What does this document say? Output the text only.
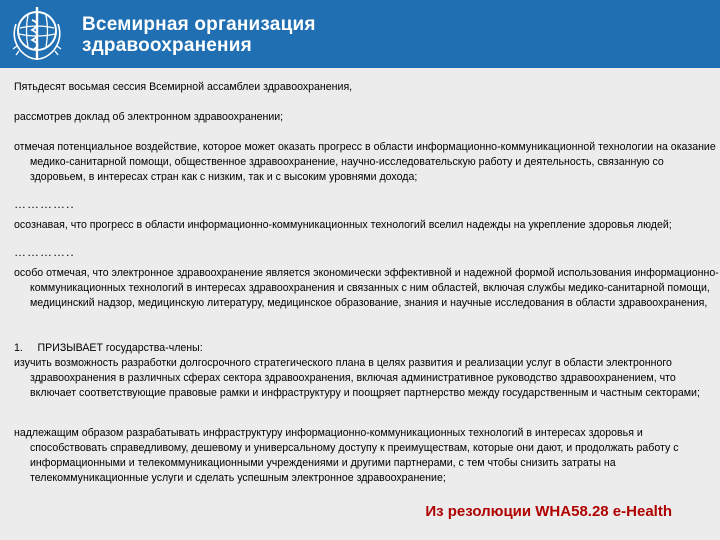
Всемирная организация
здравоохранения
Пятьдесят восьмая сессия Всемирной ассамблеи здравоохранения,
рассмотрев доклад об электронном здравоохранении;
отмечая потенциальное воздействие, которое может оказать прогресс в области информационно-коммуникационной технологии на оказание медико-санитарной помощи, общественное здравоохранение, научно-исследовательскую работу и деятельность, связанную со здоровьем, в интересах стран как с низким, так и с высоким уровнями дохода;
…………..
осознавая, что прогресс в области информационно-коммуникационных технологий вселил надежды на укрепление здоровья людей;
…………..
особо отмечая, что электронное здравоохранение является экономически эффективной и надежной формой использования информационно-коммуникационных технологий в интересах здравоохранения и связанных с ним областей, включая службы медико-санитарной помощи, медицинский надзор, медицинскую литературу, медицинское образование, знания и научные исследования в области здравоохранения,
1.     ПРИЗЫВАЕТ государства-члены:
изучить возможность разработки долгосрочного стратегического плана в целях развития и реализации услуг в области электронного здравоохранения в различных сферах сектора здравоохранения, включая административное руководство здравоохранением, что включает соответствующие правовые рамки и инфраструктуру и поощряет партнерство между государственным и частным секторами;
надлежащим образом разрабатывать инфраструктуру информационно-коммуникационных технологий в интересах здоровья и способствовать справедливому, дешевому и универсальному доступу к преимуществам, которые они дают, и продолжать работу с информационными и телекоммуникационными учреждениями и другими партнерами, с тем чтобы снизить затраты на телекоммуникационные услуги и сделать успешным электронное здравоохранение;
Из резолюции WHA58.28 e-Health
